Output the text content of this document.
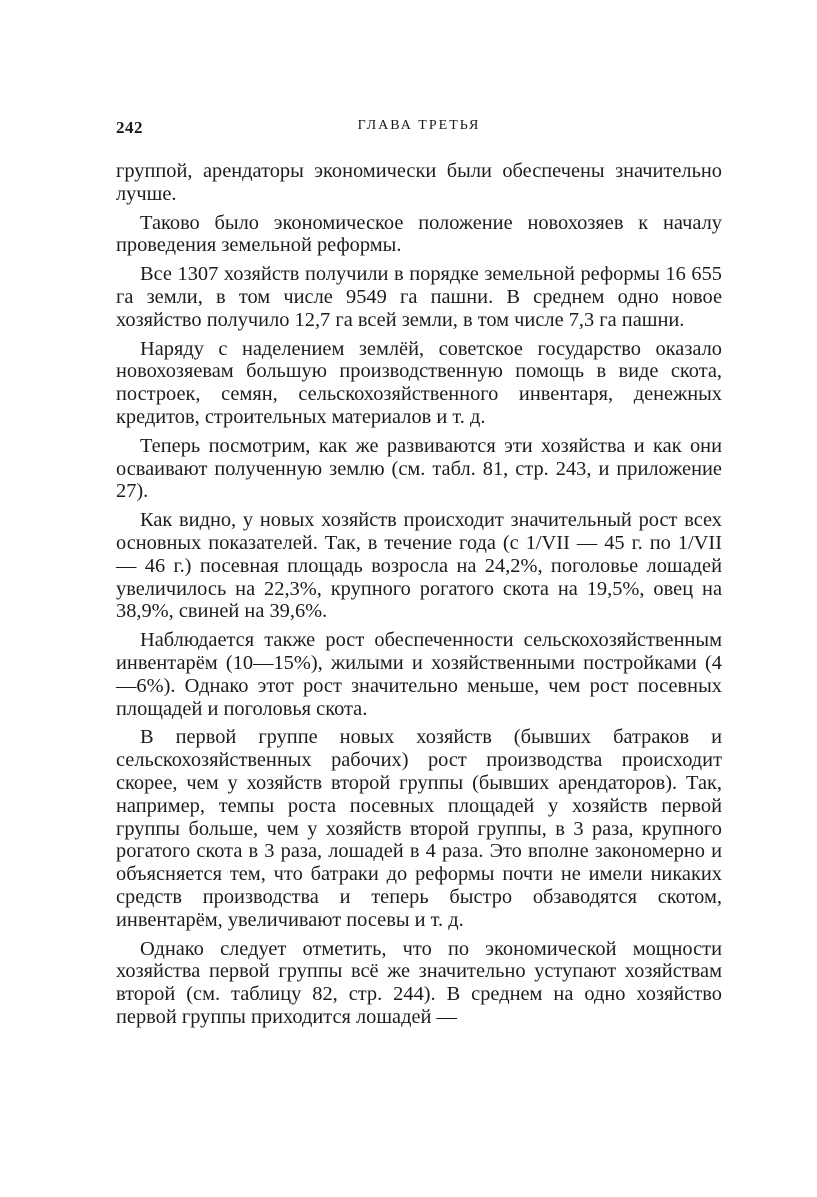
242	ГЛАВА ТРЕТЬЯ

группой, арендаторы экономически были обеспечены значительно лучше.

Таково было экономическое положение новохозяев к началу проведения земельной реформы.

Все 1307 хозяйств получили в порядке земельной реформы 16 655 га земли, в том числе 9549 га пашни. В среднем одно новое хозяйство получило 12,7 га всей земли, в том числе 7,3 га пашни.

Наряду с наделением землёй, советское государство оказало новохозяевам большую производственную помощь в виде скота, построек, семян, сельскохозяйственного инвентаря, денежных кредитов, строительных материалов и т. д.

Теперь посмотрим, как же развиваются эти хозяйства и как они осваивают полученную землю (см. табл. 81, стр. 243, и приложение 27).

Как видно, у новых хозяйств происходит значительный рост всех основных показателей. Так, в течение года (с 1/VII — 45 г. по 1/VII — 46 г.) посевная площадь возросла на 24,2%, поголовье лошадей увеличилось на 22,3%, крупного рогатого скота на 19,5%, овец на 38,9%, свиней на 39,6%.

Наблюдается также рост обеспеченности сельскохозяйственным инвентарём (10—15%), жилыми и хозяйственными постройками (4—6%). Однако этот рост значительно меньше, чем рост посевных площадей и поголовья скота.

В первой группе новых хозяйств (бывших батраков и сельскохозяйственных рабочих) рост производства происходит скорее, чем у хозяйств второй группы (бывших арендаторов). Так, например, темпы роста посевных площадей у хозяйств первой группы больше, чем у хозяйств второй группы, в 3 раза, крупного рогатого скота в 3 раза, лошадей в 4 раза. Это вполне закономерно и объясняется тем, что батраки до реформы почти не имели никаких средств производства и теперь быстро обзаводятся скотом, инвентарём, увеличивают посевы и т. д.

Однако следует отметить, что по экономической мощности хозяйства первой группы всё же значительно уступают хозяйствам второй (см. таблицу 82, стр. 244). В среднем на одно хозяйство первой группы приходится лошадей —
